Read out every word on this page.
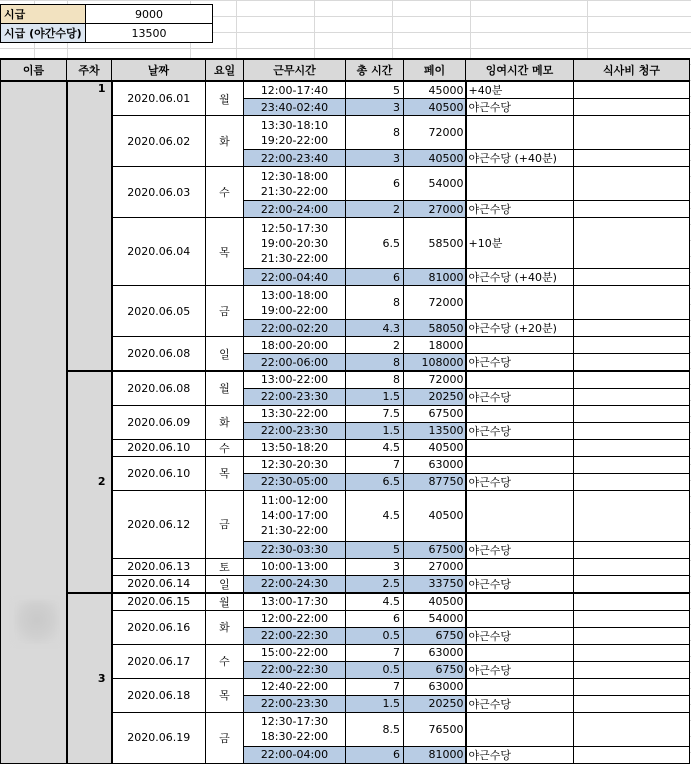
시급	9000
시급 (야간수당)	13500
이름	주차	날짜	요일	근무시간	총 시간	페이	잉여시간 메모	식사비 청구
	1	2020.06.01	월	12:00-17:40	5	45000	+40분	
				23:40-02:40	3	40500	야근수당	
		2020.06.02	화	13:30-18:10
19:20-22:00	8	72000		
				22:00-23:40	3	40500	야근수당 (+40분)	
		2020.06.03	수	12:30-18:00
21:30-22:00	6	54000		
				22:00-24:00	2	27000	야근수당	
		2020.06.04	목	12:50-17:30
19:00-20:30
21:30-22:00	6.5	58500	+10분	
				22:00-04:40	6	81000	야근수당 (+40분)	
		2020.06.05	금	13:00-18:00
19:00-22:00	8	72000		
				22:00-02:20	4.3	58050	야근수당 (+20분)	
		2020.06.08	일	18:00-20:00	2	18000		
				22:00-06:00	8	108000	야근수당	
	2	2020.06.08	월	13:00-22:00	8	72000		
				22:00-23:30	1.5	20250	야근수당	
		2020.06.09	화	13:30-22:00	7.5	67500		
				22:00-23:30	1.5	13500	야근수당	
		2020.06.10	수	13:50-18:20	4.5	40500		
		2020.06.10	목	12:30-20:30	7	63000		
				22:30-05:00	6.5	87750	야근수당	
		2020.06.12	금	11:00-12:00
14:00-17:00
21:30-22:00	4.5	40500		
				22:30-03:30	5	67500	야근수당	
		2020.06.13	토	10:00-13:00	3	27000		
		2020.06.14	일	22:00-24:30	2.5	33750	야근수당	
	3	2020.06.15	월	13:00-17:30	4.5	40500		
		2020.06.16	화	12:00-22:00	6	54000		
				22:00-22:30	0.5	6750	야근수당	
		2020.06.17	수	15:00-22:00	7	63000		
				22:00-22:30	0.5	6750	야근수당	
		2020.06.18	목	12:40-22:00	7	63000		
				22:00-23:30	1.5	20250	야근수당	
		2020.06.19	금	12:30-17:30
18:30-22:00	8.5	76500		
				22:00-04:00	6	81000	야근수당	
